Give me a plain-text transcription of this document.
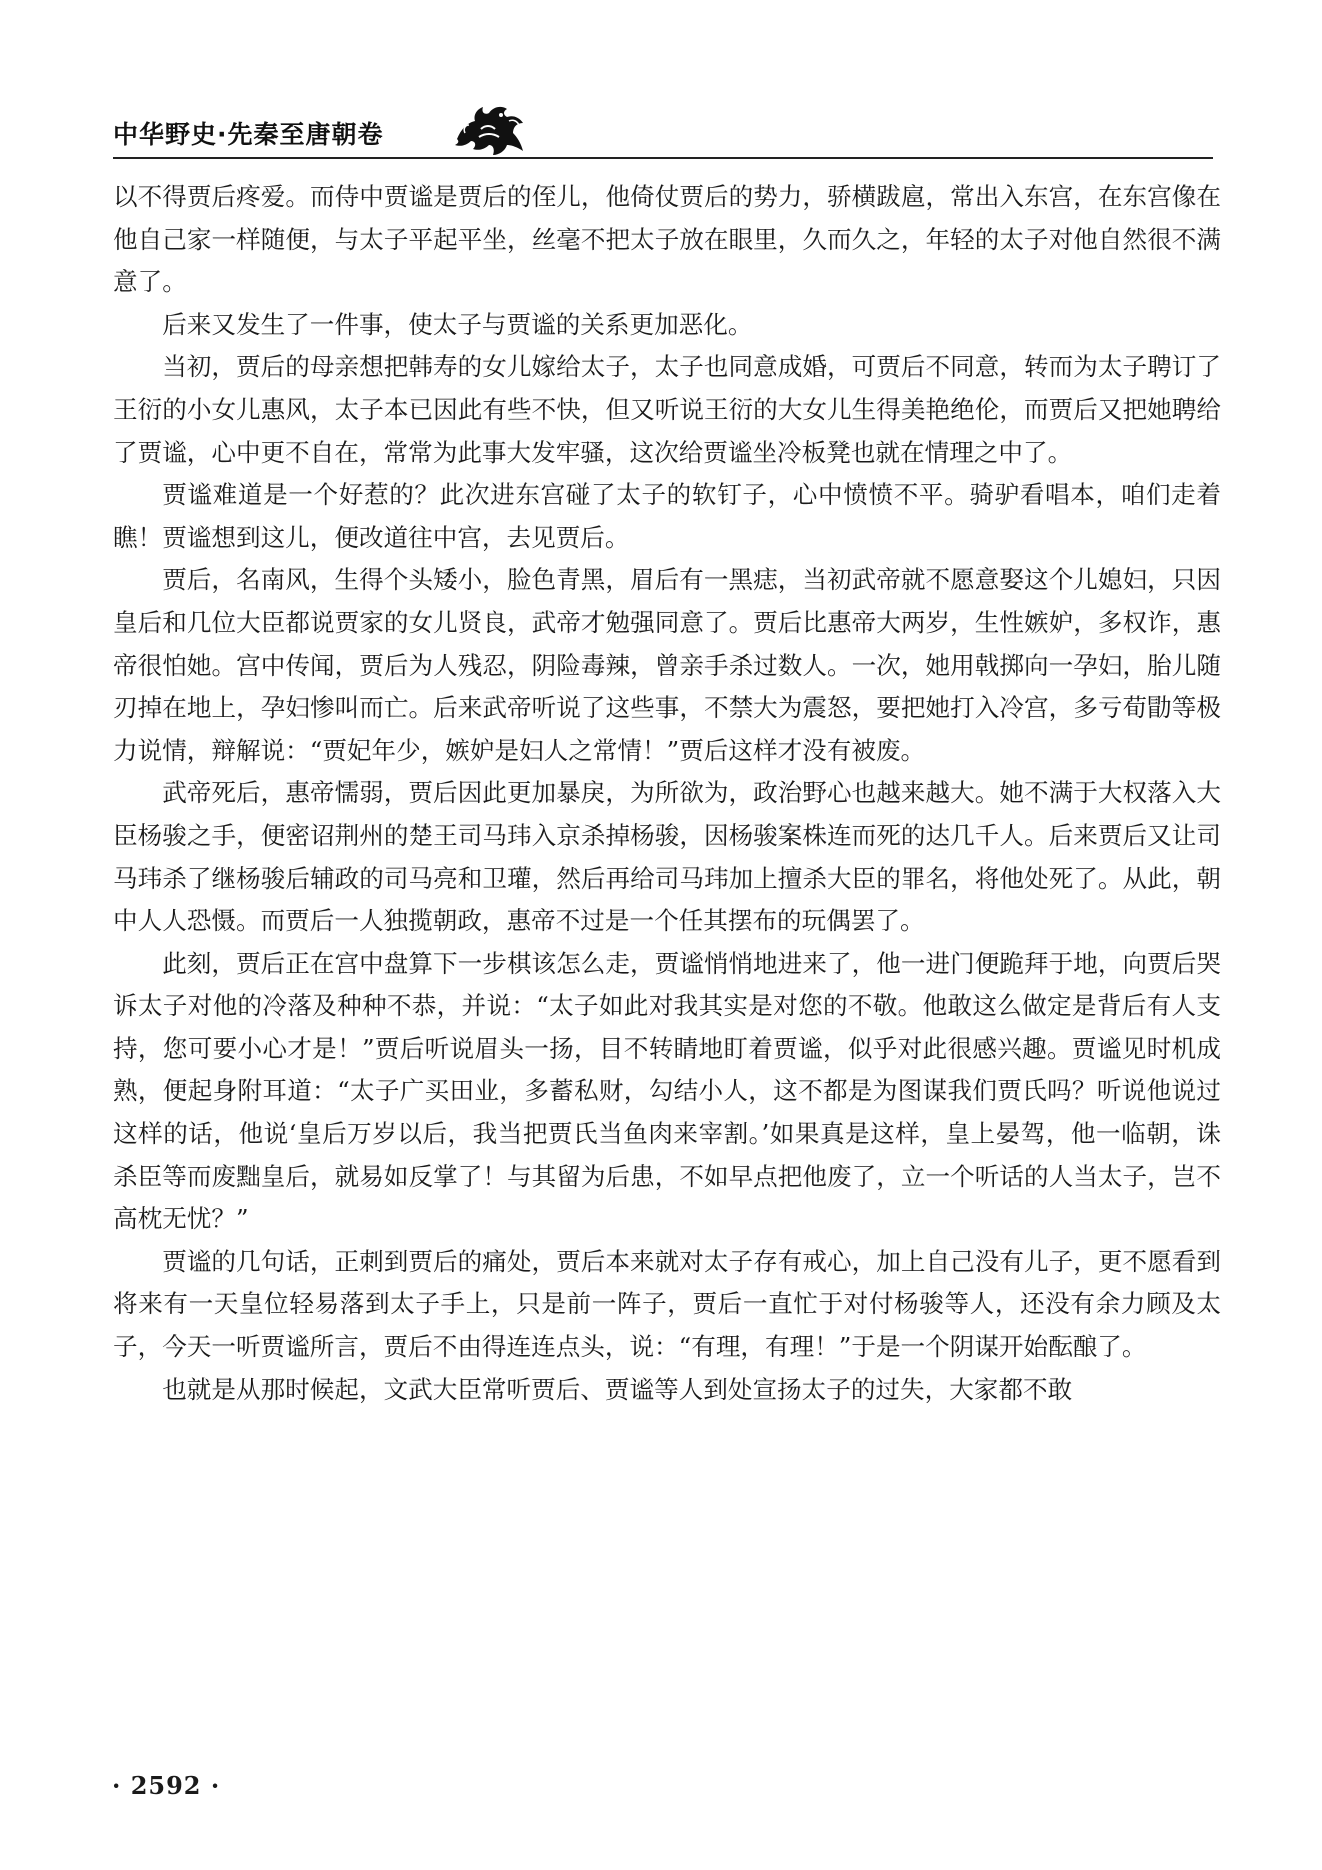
中华野史·先秦至唐朝卷

以不得贾后疼爱。而侍中贾谧是贾后的侄儿，他倚仗贾后的势力，骄横跋扈，常出入东宫，在东宫像在他自己家一样随便，与太子平起平坐，丝毫不把太子放在眼里，久而久之，年轻的太子对他自然很不满意了。

后来又发生了一件事，使太子与贾谧的关系更加恶化。

当初，贾后的母亲想把韩寿的女儿嫁给太子，太子也同意成婚，可贾后不同意，转而为太子聘订了王衍的小女儿惠风，太子本已因此有些不快，但又听说王衍的大女儿生得美艳绝伦，而贾后又把她聘给了贾谧，心中更不自在，常常为此事大发牢骚，这次给贾谧坐冷板凳也就在情理之中了。

贾谧难道是一个好惹的？此次进东宫碰了太子的软钉子，心中愤愤不平。骑驴看唱本，咱们走着瞧！贾谧想到这儿，便改道往中宫，去见贾后。

贾后，名南风，生得个头矮小，脸色青黑，眉后有一黑痣，当初武帝就不愿意娶这个儿媳妇，只因皇后和几位大臣都说贾家的女儿贤良，武帝才勉强同意了。贾后比惠帝大两岁，生性嫉妒，多权诈，惠帝很怕她。宫中传闻，贾后为人残忍，阴险毒辣，曾亲手杀过数人。一次，她用戟掷向一孕妇，胎儿随刃掉在地上，孕妇惨叫而亡。后来武帝听说了这些事，不禁大为震怒，要把她打入冷宫，多亏荀勖等极力说情，辩解说：“贾妃年少，嫉妒是妇人之常情！”贾后这样才没有被废。

武帝死后，惠帝懦弱，贾后因此更加暴戾，为所欲为，政治野心也越来越大。她不满于大权落入大臣杨骏之手，便密诏荆州的楚王司马玮入京杀掉杨骏，因杨骏案株连而死的达几千人。后来贾后又让司马玮杀了继杨骏后辅政的司马亮和卫瓘，然后再给司马玮加上擅杀大臣的罪名，将他处死了。从此，朝中人人恐慑。而贾后一人独揽朝政，惠帝不过是一个任其摆布的玩偶罢了。

此刻，贾后正在宫中盘算下一步棋该怎么走，贾谧悄悄地进来了，他一进门便跪拜于地，向贾后哭诉太子对他的冷落及种种不恭，并说：“太子如此对我其实是对您的不敬。他敢这么做定是背后有人支持，您可要小心才是！”贾后听说眉头一扬，目不转睛地盯着贾谧，似乎对此很感兴趣。贾谧见时机成熟，便起身附耳道：“太子广买田业，多蓄私财，勾结小人，这不都是为图谋我们贾氏吗？听说他说过这样的话，他说‘皇后万岁以后，我当把贾氏当鱼肉来宰割。’如果真是这样，皇上晏驾，他一临朝，诛杀臣等而废黜皇后，就易如反掌了！与其留为后患，不如早点把他废了，立一个听话的人当太子，岂不高枕无忧？”

贾谧的几句话，正刺到贾后的痛处，贾后本来就对太子存有戒心，加上自己没有儿子，更不愿看到将来有一天皇位轻易落到太子手上，只是前一阵子，贾后一直忙于对付杨骏等人，还没有余力顾及太子，今天一听贾谧所言，贾后不由得连连点头，说：“有理，有理！”于是一个阴谋开始酝酿了。

也就是从那时候起，文武大臣常听贾后、贾谧等人到处宣扬太子的过失，大家都不敢

· 2592 ·
